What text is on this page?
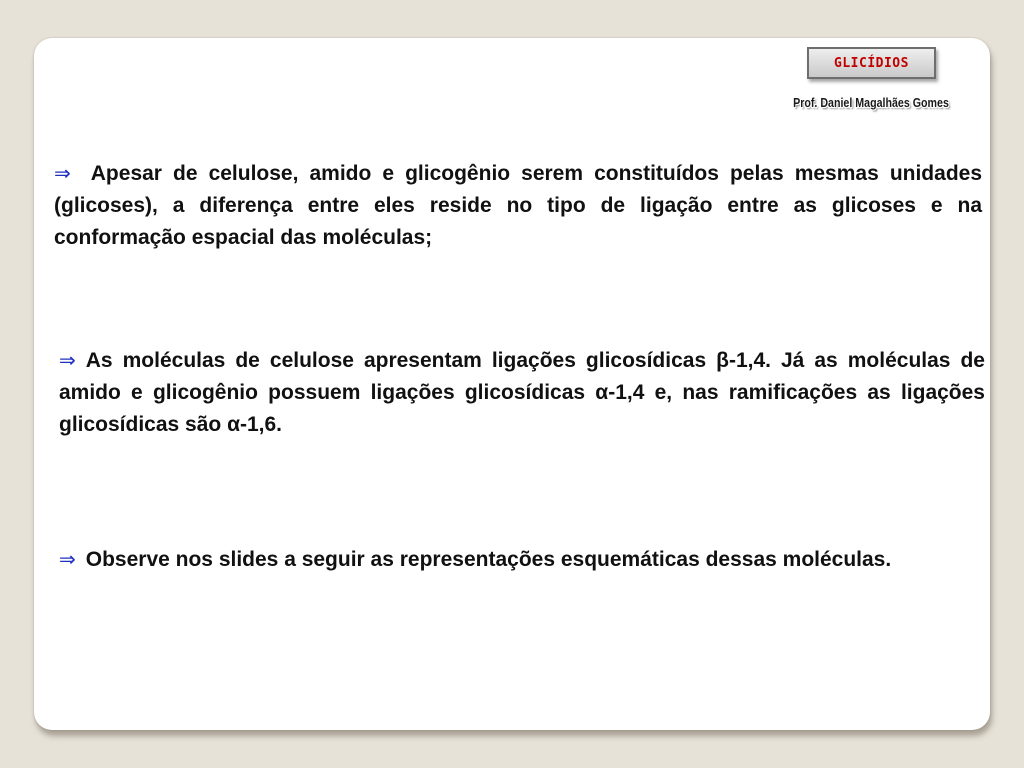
GLICÍDIOS
Prof. Daniel Magalhães Gomes

⇒ Apesar de celulose, amido e glicogênio serem constituídos pelas mesmas unidades (glicoses), a diferença entre eles reside no tipo de ligação entre as glicoses e na conformação espacial das moléculas;

⇒ As moléculas de celulose apresentam ligações glicosídicas β-1,4. Já as moléculas de amido e glicogênio possuem ligações glicosídicas α-1,4 e, nas ramificações as ligações glicosídicas são α-1,6.

⇒ Observe nos slides a seguir as representações esquemáticas dessas moléculas.
